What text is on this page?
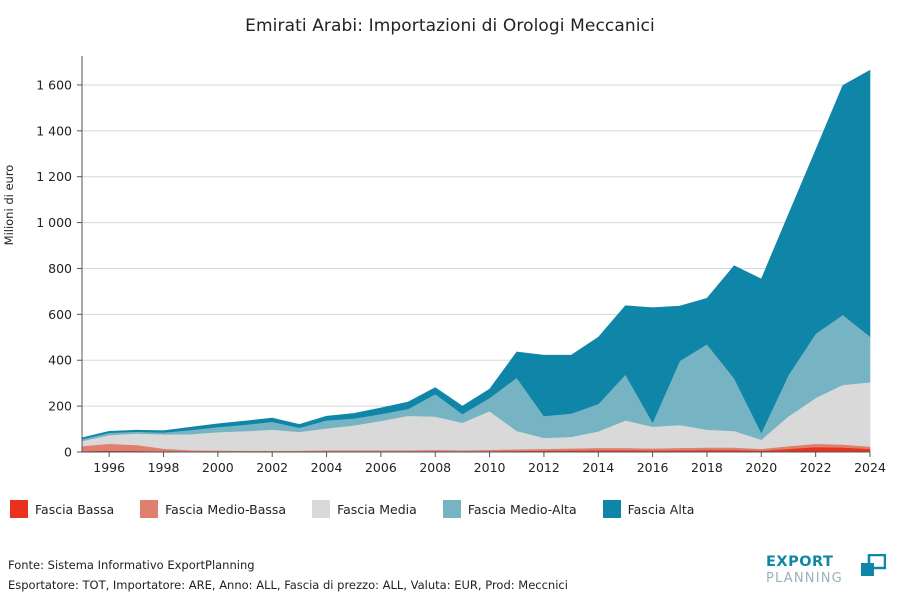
Emirati Arabi: Importazioni di Orologi Meccanici
Milioni di euro
0
200
400
600
800
1 000
1 200
1 400
1 600
1996 1998 2000 2002 2004 2006 2008 2010 2012 2014 2016 2018 2020 2022 2024
Fascia Bassa	Fascia Medio-Bassa	Fascia Media	Fascia Medio-Alta	Fascia Alta
Fonte: Sistema Informativo ExportPlanning
Esportatore: TOT, Importatore: ARE, Anno: ALL, Fascia di prezzo: ALL, Valuta: EUR, Prod: Meccnici
EXPORT
PLANNING
